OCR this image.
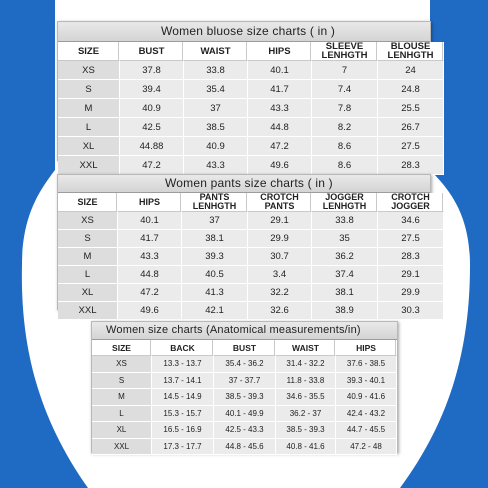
Women bluose size charts ( in )
SIZE	BUST	WAIST	HIPS	SLEEVE LENHGTH	BLOUSE LENHGTH
XS	37.8	33.8	40.1	7	24
S	39.4	35.4	41.7	7.4	24.8
M	40.9	37	43.3	7.8	25.5
L	42.5	38.5	44.8	8.2	26.7
XL	44.88	40.9	47.2	8.6	27.5
XXL	47.2	43.3	49.6	8.6	28.3
Women pants size charts ( in )
SIZE	HIPS	PANTS LENHGTH	CROTCH PANTS	JOGGER LENHGTH	CROTCH JOGGER
XS	40.1	37	29.1	33.8	34.6
S	41.7	38.1	29.9	35	27.5
M	43.3	39.3	30.7	36.2	28.3
L	44.8	40.5	3.4	37.4	29.1
XL	47.2	41.3	32.2	38.1	29.9
XXL	49.6	42.1	32.6	38.9	30.3
Women size charts (Anatomical measurements/in)
SIZE	BACK	BUST	WAIST	HIPS
XS	13.3 - 13.7	35.4 - 36.2	31.4 - 32.2	37.6 - 38.5
S	13.7 - 14.1	37 - 37.7	11.8 - 33.8	39.3 - 40.1
M	14.5 - 14.9	38.5 - 39.3	34.6 - 35.5	40.9 - 41.6
L	15.3 - 15.7	40.1 - 49.9	36.2 - 37	42.4 - 43.2
XL	16.5 - 16.9	42.5 - 43.3	38.5 - 39.3	44.7 - 45.5
XXL	17.3 - 17.7	44.8 - 45.6	40.8 - 41.6	47.2 - 48
